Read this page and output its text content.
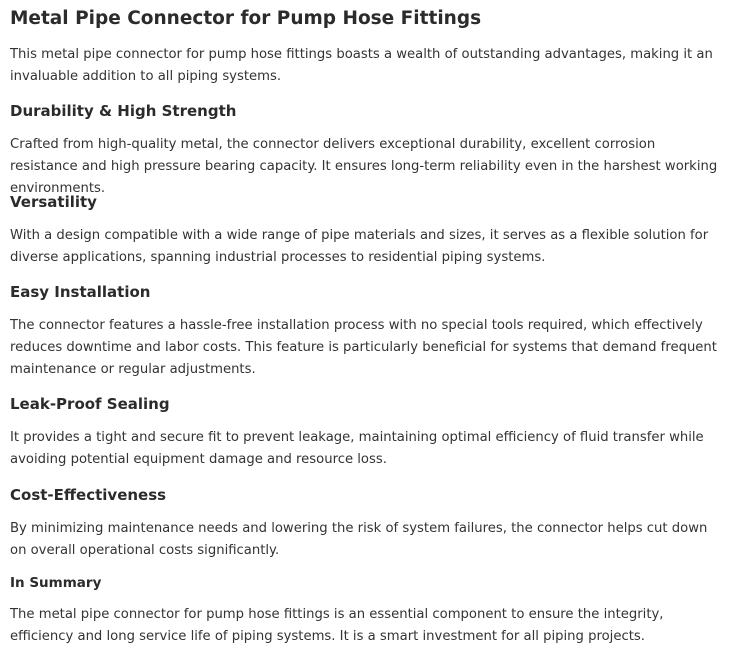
Metal Pipe Connector for Pump Hose Fittings

This metal pipe connector for pump hose fittings boasts a wealth of outstanding advantages, making it an invaluable addition to all piping systems.

Durability & High Strength

Crafted from high-quality metal, the connector delivers exceptional durability, excellent corrosion resistance and high pressure bearing capacity. It ensures long-term reliability even in the harshest working environments.

Versatility

With a design compatible with a wide range of pipe materials and sizes, it serves as a flexible solution for diverse applications, spanning industrial processes to residential piping systems.

Easy Installation

The connector features a hassle-free installation process with no special tools required, which effectively reduces downtime and labor costs. This feature is particularly beneficial for systems that demand frequent maintenance or regular adjustments.

Leak-Proof Sealing

It provides a tight and secure fit to prevent leakage, maintaining optimal efficiency of fluid transfer while avoiding potential equipment damage and resource loss.

Cost-Effectiveness

By minimizing maintenance needs and lowering the risk of system failures, the connector helps cut down on overall operational costs significantly.

In Summary

The metal pipe connector for pump hose fittings is an essential component to ensure the integrity, efficiency and long service life of piping systems. It is a smart investment for all piping projects.
